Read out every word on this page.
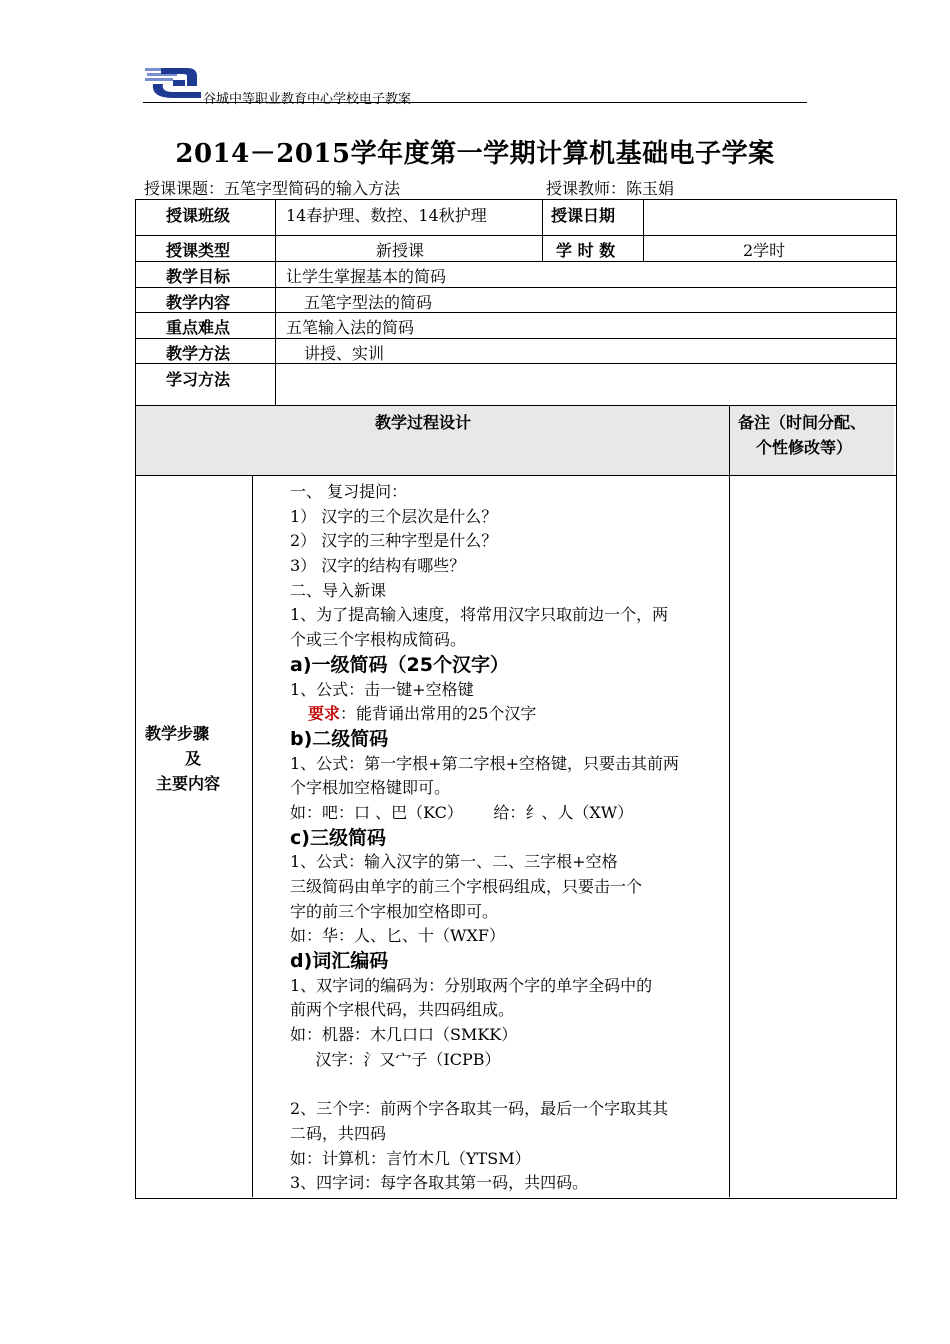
谷城中等职业教育中心学校电子教案
2014－2015学年度第一学期计算机基础电子学案
授课课题：五笔字型简码的输入方法	授课教师：陈玉娟
授课班级	14春护理、数控、14秋护理	授课日期
授课类型	新授课	学 时 数	2学时
教学目标	让学生掌握基本的简码
教学内容	五笔字型法的简码
重点难点	五笔输入法的简码
教学方法	讲授、实训
学习方法
教学过程设计	备注（时间分配、
个性修改等）
教学步骤
及
主要内容
一、 复习提问：
1） 汉字的三个层次是什么？
2） 汉字的三种字型是什么？
3） 汉字的结构有哪些？
二、导入新课
1、为了提高输入速度，将常用汉字只取前边一个，两
个或三个字根构成简码。
a)一级简码（25个汉字）
1、公式：击一键+空格键
要求：能背诵出常用的25个汉字
b)二级简码
1、公式：第一字根+第二字根+空格键，只要击其前两
个字根加空格键即可。
如：吧：口 、巴（KC）      给：纟、人（XW）
c)三级简码
1、公式：输入汉字的第一、二、三字根+空格
三级简码由单字的前三个字根码组成，只要击一个
字的前三个字根加空格即可。
如：华：人、匕、十（WXF）
d)词汇编码
1、双字词的编码为：分别取两个字的单字全码中的
前两个字根代码，共四码组成。
如：机器：木几口口（SMKK）
汉字：氵又宀子（ICPB）
2、三个字：前两个字各取其一码，最后一个字取其其
二码，共四码
如：计算机：言竹木几（YTSM）
3、四字词：每字各取其第一码，共四码。
